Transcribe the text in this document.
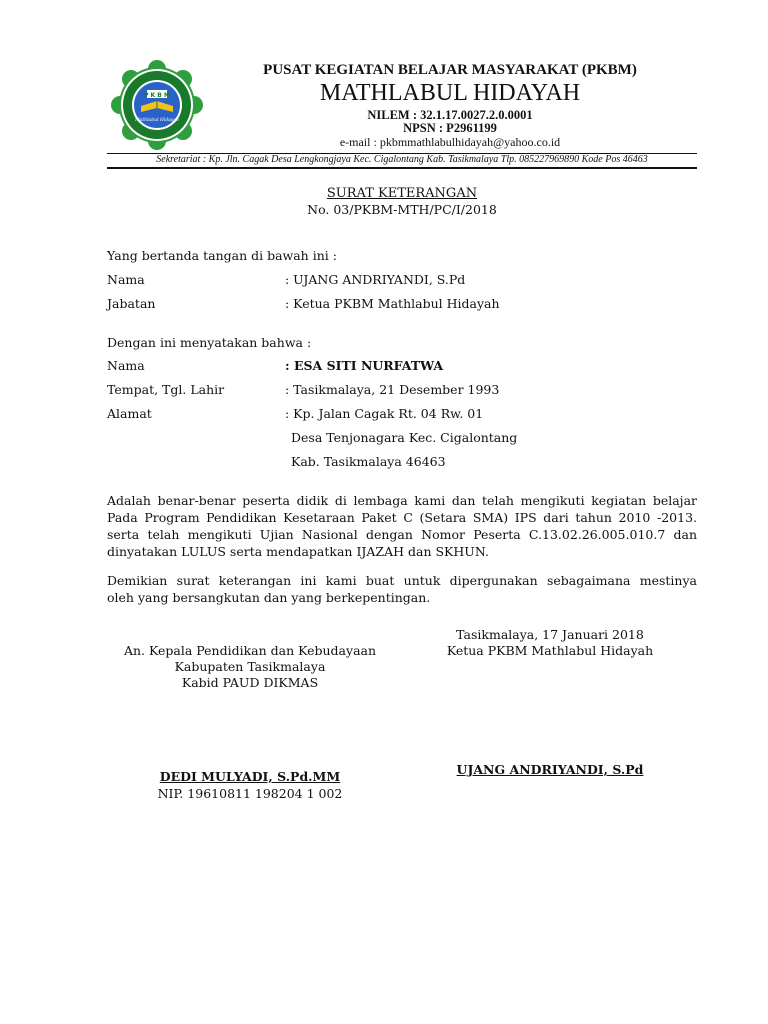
P K B M
Mathlabul Hidayah
PUSAT KEGIATAN BELAJAR MASYARAKAT (PKBM)
MATHLABUL HIDAYAH
NILEM : 32.1.17.0027.2.0.0001
NPSN : P2961199
e-mail : pkbmmathlabulhidayah@yahoo.co.id
Sekretariat : Kp. Jln. Cagak Desa Lengkongjaya Kec. Cigalontang Kab. Tasikmalaya Tlp. 085227969890 Kode Pos 46463
SURAT KETERANGAN
No. 03/PKBM-MTH/PC/I/2018
Yang bertanda tangan di bawah ini :
Nama	: UJANG ANDRIYANDI, S.Pd
Jabatan	: Ketua PKBM Mathlabul Hidayah
Dengan ini menyatakan bahwa :
Nama	: ESA SITI NURFATWA
Tempat, Tgl. Lahir	: Tasikmalaya, 21 Desember 1993
Alamat	: Kp. Jalan Cagak Rt. 04 Rw. 01
Desa Tenjonagara Kec. Cigalontang
Kab. Tasikmalaya 46463
Adalah benar-benar peserta didik di lembaga kami dan telah mengikuti kegiatan belajar
Pada Program Pendidikan Kesetaraan Paket C (Setara SMA) IPS dari tahun 2010 -2013.
serta telah mengikuti Ujian Nasional dengan Nomor Peserta C.13.02.26.005.010.7 dan
dinyatakan LULUS serta mendapatkan IJAZAH dan SKHUN.
Demikian surat keterangan ini kami buat untuk dipergunakan sebagaimana mestinya
oleh yang bersangkutan dan yang berkepentingan.
An. Kepala Pendidikan dan Kebudayaan
Kabupaten Tasikmalaya
Kabid PAUD DIKMAS
Tasikmalaya, 17 Januari 2018
Ketua PKBM Mathlabul Hidayah
DEDI MULYADI, S.Pd.MM
NIP. 19610811 198204 1 002
UJANG ANDRIYANDI, S.Pd
